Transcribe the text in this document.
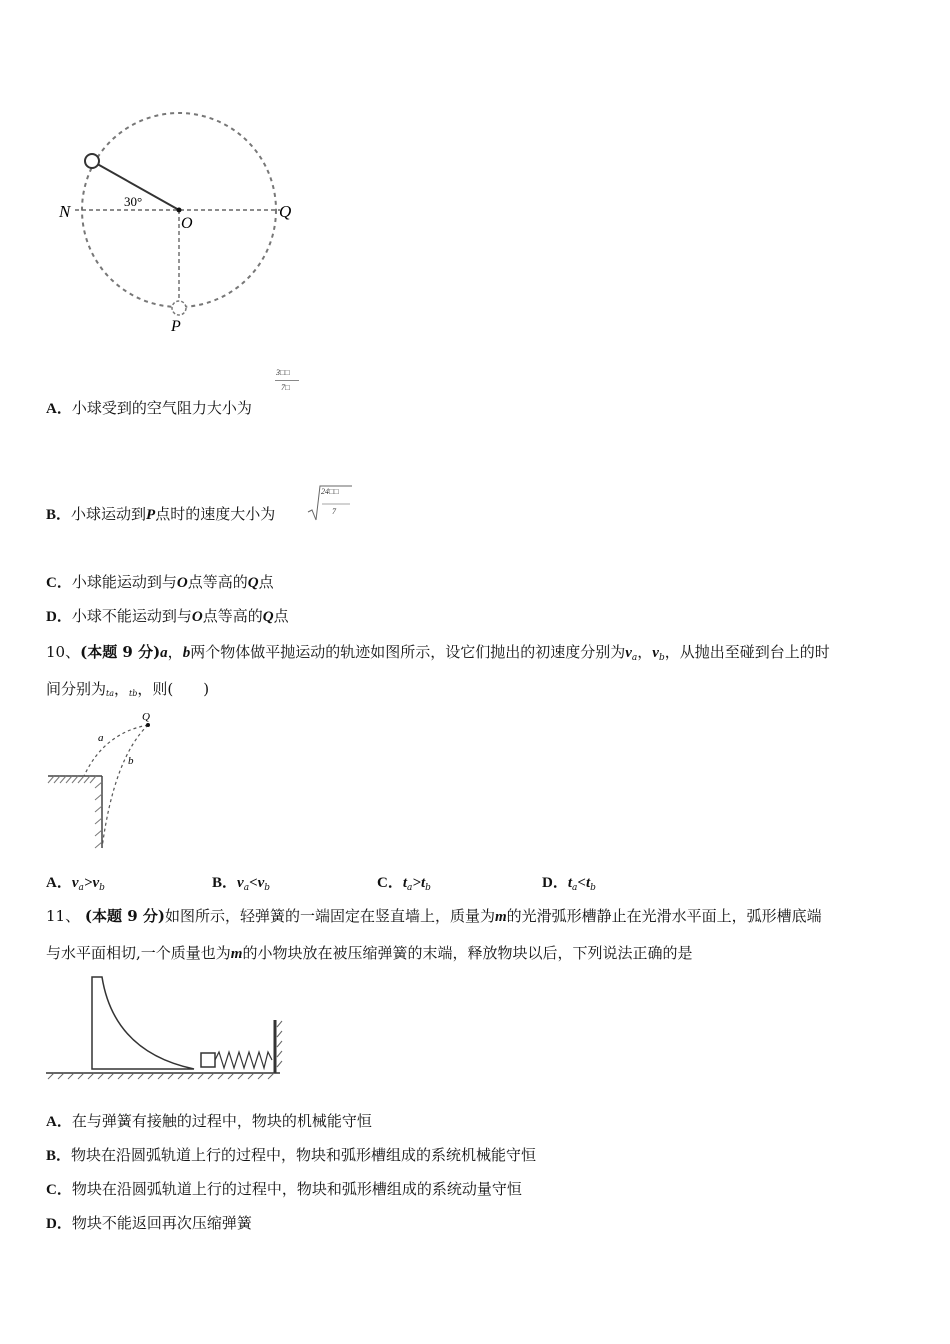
N
O
Q
P
30°
3□□
7□
A．小球受到的空气阻力大小为
B．小球运动到P点时的速度大小为
24□□
7
C．小球能运动到与O点等高的Q点
D．小球不能运动到与O点等高的Q点
10、(本题 9 分)a，b两个物体做平抛运动的轨迹如图所示，设它们抛出的初速度分别为$v_a$，$v_b$，从抛出至碰到台上的时
间分别为ta，tb，则(　　)
Q
a
b
A．$v_a>v_b$	B．$v_a<v_b$	C．$t_a>t_b$	D．$t_a<t_b$
11、 (本题 9 分)如图所示，轻弹簧的一端固定在竖直墙上，质量为m的光滑弧形槽静止在光滑水平面上，弧形槽底端
与水平面相切,一个质量也为m的小物块放在被压缩弹簧的末端，释放物块以后，下列说法正确的是
A．在与弹簧有接触的过程中，物块的机械能守恒
B．物块在沿圆弧轨道上行的过程中，物块和弧形槽组成的系统机械能守恒
C．物块在沿圆弧轨道上行的过程中，物块和弧形槽组成的系统动量守恒
D．物块不能返回再次压缩弹簧
